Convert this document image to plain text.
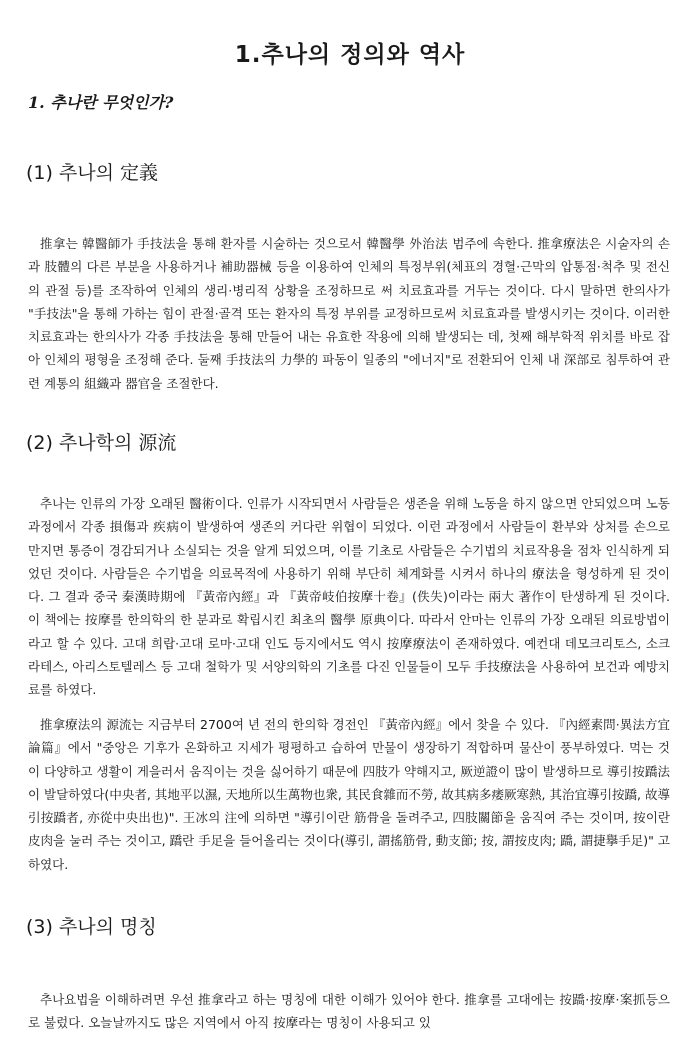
1.추나의 정의와 역사
1. 추나란 무엇인가?
(1) 추나의 定義

推拿는 韓醫師가 手技法을 통해 환자를 시술하는 것으로서 韓醫學 外治法 범주에 속한다. 推拿療法은 시술자의 손과 肢體의 다른 부분을 사용하거나 補助器械 등을 이용하여 인체의 특정부위(체표의 경혈·근막의 압통점·척추 및 전신의 관절 등)를 조작하여 인체의 생리·병리적 상황을 조정하므로 써 치료효과를 거두는 것이다. 다시 말하면 한의사가 "手技法"을 통해 가하는 힘이 관절·골격 또는 환자의 특정 부위를 교정하므로써 치료효과를 발생시키는 것이다. 이러한 치료효과는 한의사가 각종 手技法을 통해 만들어 내는 유효한 작용에 의해 발생되는 데, 첫째 해부학적 위치를 바로 잡아 인체의 평형을 조정해 준다. 둘째 手技法의 力學的 파동이 일종의 "에너지"로 전환되어 인체 내 深部로 침투하여 관련 계통의 組織과 器官을 조절한다.

(2) 추나학의 源流

추나는 인류의 가장 오래된 醫術이다. 인류가 시작되면서 사람들은 생존을 위해 노동을 하지 않으면 안되었으며 노동과정에서 각종 損傷과 疾病이 발생하여 생존의 커다란 위협이 되었다. 이런 과정에서 사람들이 환부와 상처를 손으로 만지면 통증이 경감되거나 소실되는 것을 알게 되었으며, 이를 기초로 사람들은 수기법의 치료작용을 점차 인식하게 되었던 것이다. 사람들은 수기법을 의료목적에 사용하기 위해 부단히 체계화를 시켜서 하나의 療法을 형성하게 된 것이다. 그 결과 중국 秦漢時期에 『黃帝內經』과 『黃帝岐伯按摩十卷』(佚失)이라는 兩大 著作이 탄생하게 된 것이다. 이 책에는 按摩를 한의학의 한 분과로 확립시킨 최초의 醫學 原典이다. 따라서 안마는 인류의 가장 오래된 의료방법이라고 할 수 있다. 고대 희랍·고대 로마·고대 인도 등지에서도 역시 按摩療法이 존재하였다. 예컨대 데모크리토스, 소크라테스, 아리스토텔레스 등 고대 철학가 및 서양의학의 기초를 다진 인물들이 모두 手技療法을 사용하여 보건과 예방치료를 하였다.

推拿療法의 源流는 지금부터 2700여 년 전의 한의학 경전인 『黃帝內經』에서 찾을 수 있다. 『內經素問·異法方宜論篇』에서 "중앙은 기후가 온화하고 지세가 평평하고 습하여 만물이 생장하기 적합하며 물산이 풍부하였다. 먹는 것이 다양하고 생활이 게을러서 움직이는 것을 싫어하기 때문에 四肢가 약해지고, 厥逆證이 많이 발생하므로 導引按蹻法이 발달하였다(中央者, 其地平以濕, 天地所以生萬物也衆, 其民食雜而不勞, 故其病多痿厥寒熱, 其治宜導引按蹻, 故導引按蹻者, 亦從中央出也)". 王冰의 注에 의하면 "導引이란 筋骨을 돌려주고, 四肢關節을 움직여 주는 것이며, 按이란 皮肉을 눌러 주는 것이고, 蹻란 手足을 들어올리는 것이다(導引, 謂搖筋骨, 動支節; 按, 謂按皮肉; 蹻, 謂捷擧手足)" 고 하였다.

(3) 추나의 명칭

추나요법을 이해하려면 우선 推拿라고 하는 명칭에 대한 이해가 있어야 한다. 推拿를 고대에는 按蹻·按摩·案抓등으로 불렀다. 오늘날까지도 많은 지역에서 아직 按摩라는 명칭이 사용되고 있
